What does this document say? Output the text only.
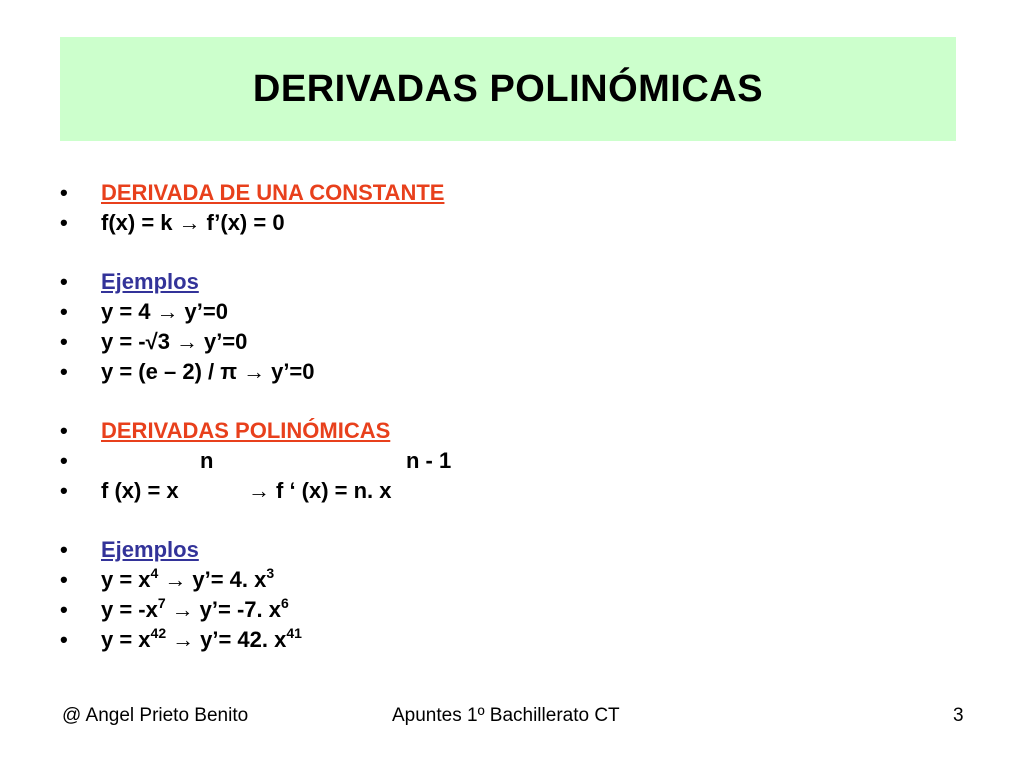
DERIVADAS POLINÓMICAS
•	DERIVADA DE UNA CONSTANTE
•	f(x) = k → f’(x) = 0
•	Ejemplos
•	y = 4 → y’=0
•	y = -√3 → y’=0
•	y = (e – 2) / π → y’=0
•	DERIVADAS POLINÓMICAS
•	n	n - 1
•	f (x) = x	→ f ‘ (x) = n. x
•	Ejemplos
•	$y = x^4$ → y’= 4. $x^3$
•	$y = -x^7$ → y’= -7. $x^6$
•	$y = x^{42}$ → y’= 42. $x^{41}$
@ Angel Prieto Benito	Apuntes 1º Bachillerato CT	3
